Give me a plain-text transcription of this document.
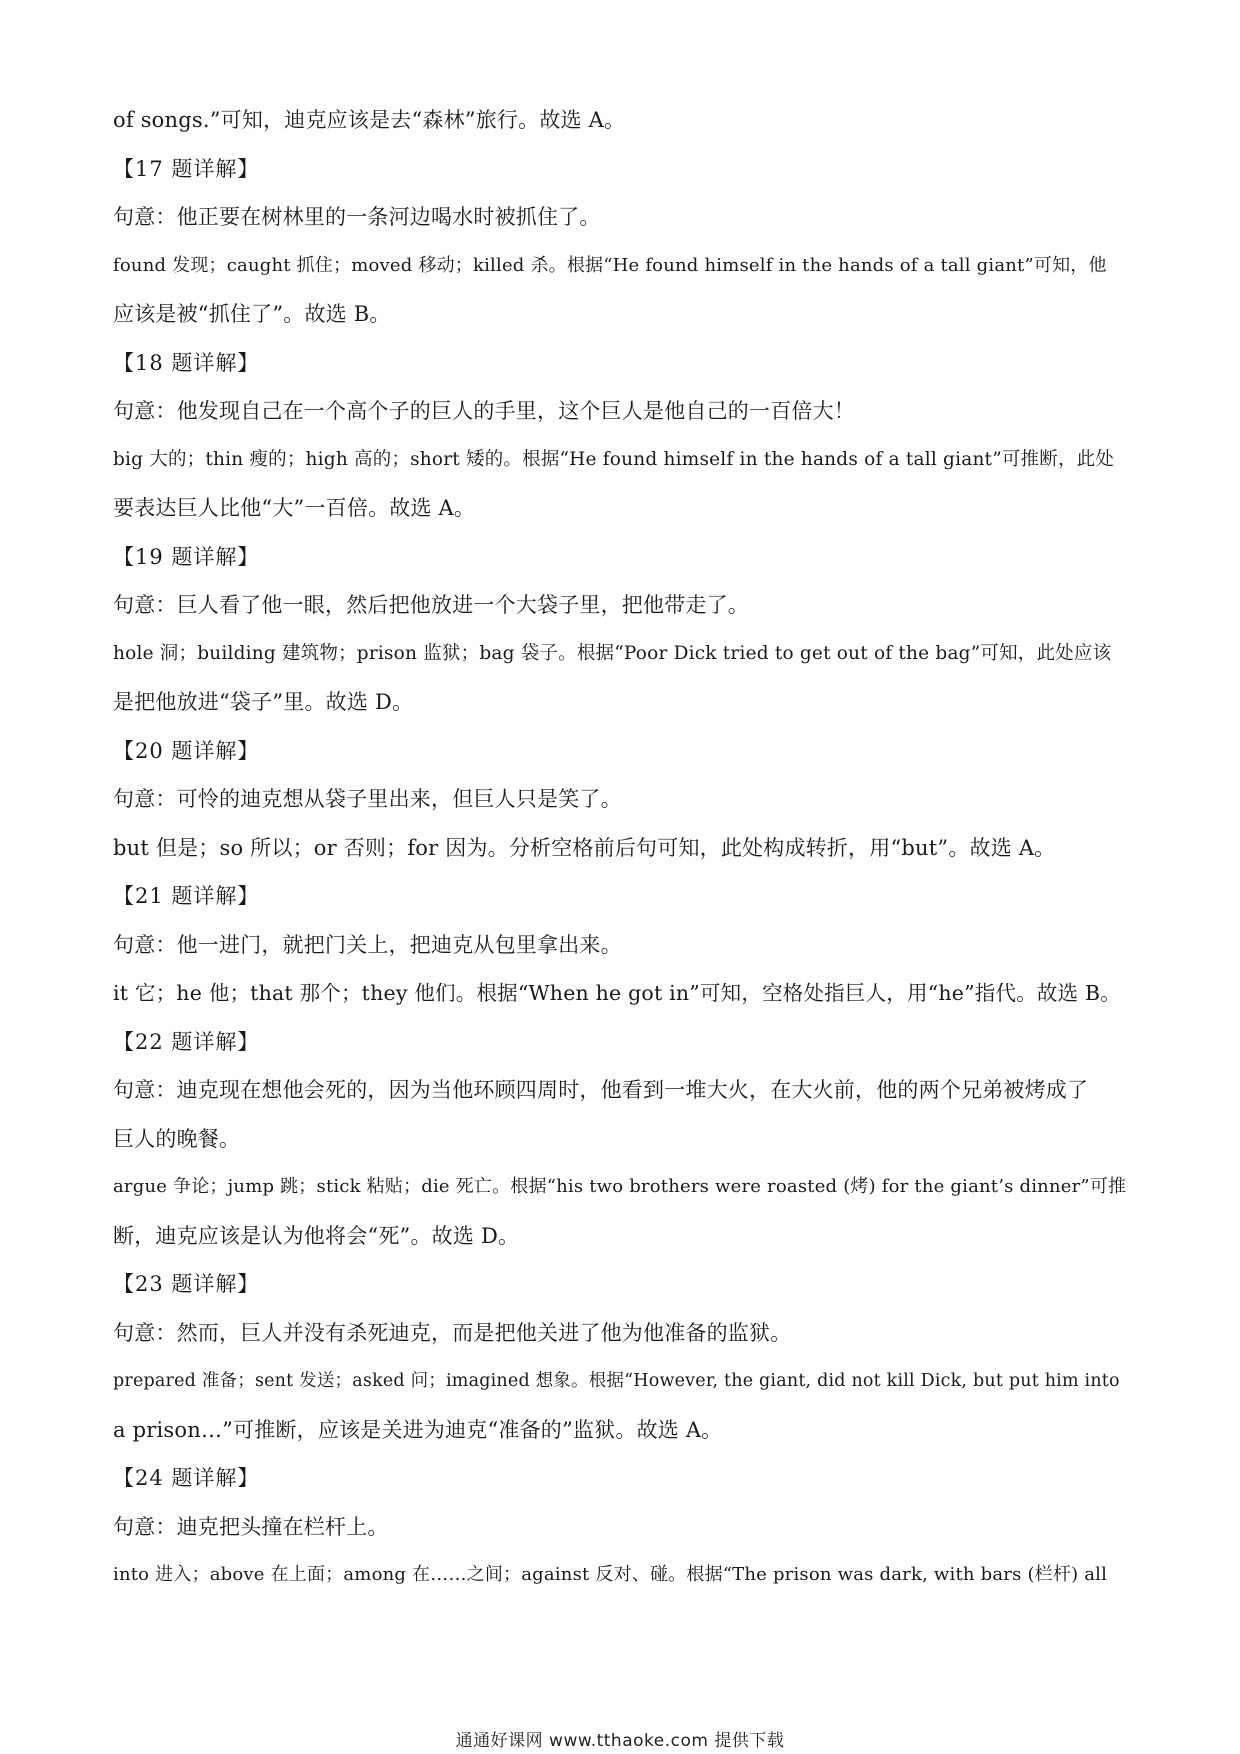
of songs.”可知，迪克应该是去“森林”旅行。故选 A。
【17 题详解】
句意：他正要在树林里的一条河边喝水时被抓住了。
found 发现；caught 抓住；moved 移动；killed 杀。根据“He found himself in the hands of a tall giant”可知，他
应该是被“抓住了”。故选 B。
【18 题详解】
句意：他发现自己在一个高个子的巨人的手里，这个巨人是他自己的一百倍大！
big 大的；thin 瘦的；high 高的；short 矮的。根据“He found himself in the hands of a tall giant”可推断，此处
要表达巨人比他“大”一百倍。故选 A。
【19 题详解】
句意：巨人看了他一眼，然后把他放进一个大袋子里，把他带走了。
hole 洞；building 建筑物；prison 监狱；bag 袋子。根据“Poor Dick tried to get out of the bag”可知，此处应该
是把他放进“袋子”里。故选 D。
【20 题详解】
句意：可怜的迪克想从袋子里出来，但巨人只是笑了。
but 但是；so 所以；or 否则；for 因为。分析空格前后句可知，此处构成转折，用“but”。故选 A。
【21 题详解】
句意：他一进门，就把门关上，把迪克从包里拿出来。
it 它；he 他；that 那个；they 他们。根据“When he got in”可知，空格处指巨人，用“he”指代。故选 B。
【22 题详解】
句意：迪克现在想他会死的，因为当他环顾四周时，他看到一堆大火，在大火前，他的两个兄弟被烤成了
巨人的晚餐。
argue 争论；jump 跳；stick 粘贴；die 死亡。根据“his two brothers were roasted (烤) for the giant’s dinner”可推
断，迪克应该是认为他将会“死”。故选 D。
【23 题详解】
句意：然而，巨人并没有杀死迪克，而是把他关进了他为他准备的监狱。
prepared 准备；sent 发送；asked 问；imagined 想象。根据“However, the giant, did not kill Dick, but put him into
a prison…”可推断，应该是关进为迪克“准备的”监狱。故选 A。
【24 题详解】
句意：迪克把头撞在栏杆上。
into 进入；above 在上面；among 在……之间；against 反对、碰。根据“The prison was dark, with bars (栏杆) all
通通好课网 www.tthaoke.com 提供下载
